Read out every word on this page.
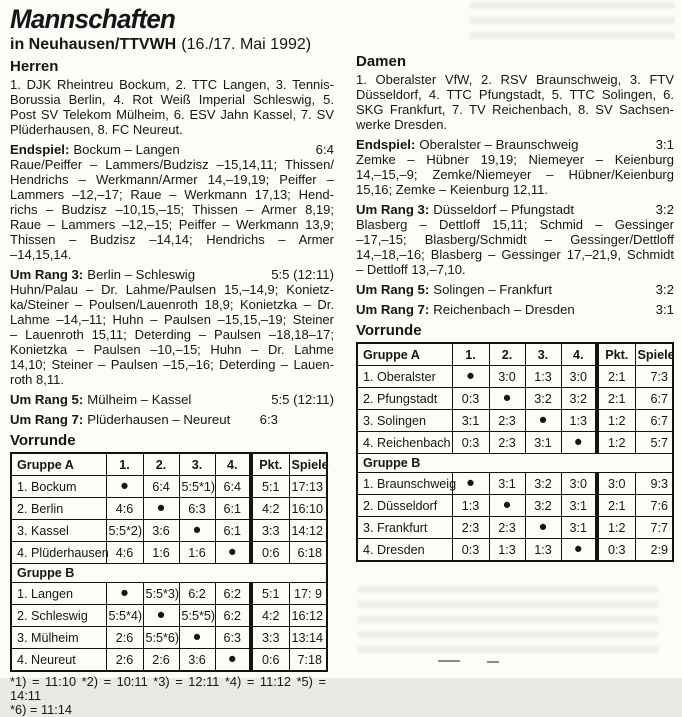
Mannschaften
in Neuhausen/TTVWH (16./17. Mai 1992)
Herren
1. DJK Rheintreu Bockum, 2. TTC Langen, 3. Tennis-
Borussia Berlin, 4. Rot Weiß Imperial Schleswig, 5.
Post SV Telekom Mülheim, 6. ESV Jahn Kassel, 7. SV
Plüderhausen, 8. FC Neureut.
Endspiel: Bockum – Langen	6:4
Raue/Peiffer – Lammers/Budzisz –15,14,11; Thissen/
Hendrichs – Werkmann/Armer 14,–19,19; Peiffer –
Lammers –12,–17; Raue – Werkmann 17,13; Hend-
richs – Budzisz –10,15,–15; Thissen – Armer 8,19;
Raue – Lammers –12,–15; Peiffer – Werkmann 13,9;
Thissen – Budzisz –14,14; Hendrichs – Armer
–14,15,14.
Um Rang 3: Berlin – Schleswig	5:5 (12:11)
Huhn/Palau – Dr. Lahme/Paulsen 15,–14,9; Konietz-
ka/Steiner – Poulsen/Lauenroth 18,9; Konietzka – Dr.
Lahme –14,–11; Huhn – Paulsen –15,15,–19; Steiner
– Lauenroth 15,11; Deterding – Paulsen –18,18–17;
Konietzka – Paulsen –10,–15; Huhn – Dr. Lahme
14,10; Steiner – Paulsen –15,–16; Deterding – Lauen-
roth 8,11.
Um Rang 5: Mülheim – Kassel	5:5 (12:11)
Um Rang 7: Plüderhausen – Neureut 6:3
Vorrunde
Gruppe A	1.	2.	3.	4.	Pkt.	Spiele
1. Bockum	●	6:4	5:5*1)	6:4	5:1	17:13
2. Berlin	4:6	●	6:3	6:1	4:2	16:10
3. Kassel	5:5*2)	3:6	●	6:1	3:3	14:12
4. Plüderhausen	4:6	1:6	1:6	●	0:6	6:18
Gruppe B						
1. Langen	●	5:5*3)	6:2	6:2	5:1	17: 9
2. Schleswig	5:5*4)	●	5:5*5)	6:2	4:2	16:12
3. Mülheim	2:6	5:5*6)	●	6:3	3:3	13:14
4. Neureut	2:6	2:6	3:6	●	0:6	7:18
*1) = 11:10 *2) = 10:11 *3) = 12:11 *4) = 11:12 *5) = 14:11
*6) = 11:14
Damen
1. Oberalster VfW, 2. RSV Braunschweig, 3. FTV
Düsseldorf, 4. TTC Pfungstadt, 5. TTC Solingen, 6.
SKG Frankfurt, 7. TV Reichenbach, 8. SV Sachsen-
werke Dresden.
Endspiel: Oberalster – Braunschweig	3:1
Zemke – Hübner 19,19; Niemeyer – Keienburg
14,–15,–9; Zemke/Niemeyer – Hübner/Keienburg
15,16; Zemke – Keienburg 12,11.
Um Rang 3: Düsseldorf – Pfungstadt	3:2
Blasberg – Dettloff 15,11; Schmid – Gessinger
–17,–15; Blasberg/Schmidt – Gessinger/Dettloff
14,–18,–16; Blasberg – Gessinger 17,–21,9, Schmidt
– Dettloff 13,–7,10.
Um Rang 5: Solingen – Frankfurt	3:2
Um Rang 7: Reichenbach – Dresden	3:1
Vorrunde
Gruppe A	1.	2.	3.	4.	Pkt.	Spiele
1. Oberalster	●	3:0	1:3	3:0	2:1	7:3
2. Pfungstadt	0:3	●	3:2	3:2	2:1	6:7
3. Solingen	3:1	2:3	●	1:3	1:2	6:7
4. Reichenbach	0:3	2:3	3:1	●	1:2	5:7
Gruppe B						
1. Braunschweig	●	3:1	3:2	3:0	3:0	9:3
2. Düsseldorf	1:3	●	3:2	3:1	2:1	7:6
3. Frankfurt	2:3	2:3	●	3:1	1:2	7:7
4. Dresden	0:3	1:3	1:3	●	0:3	2:9
